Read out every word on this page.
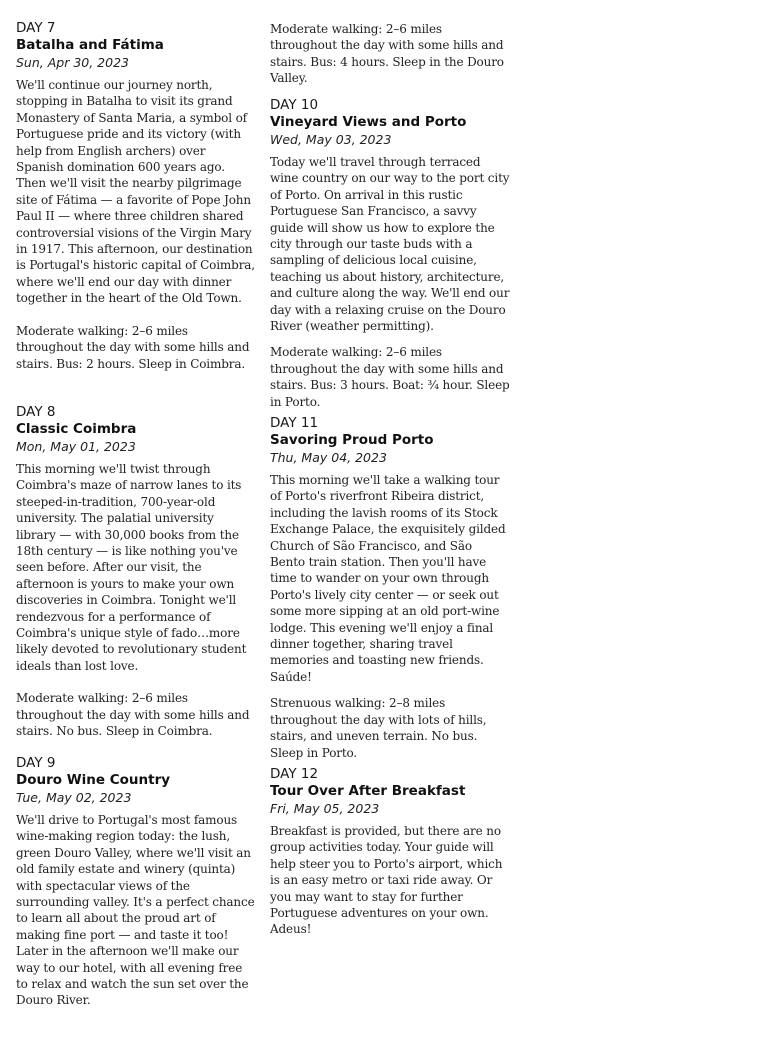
DAY 7
Batalha and Fátima
Sun, Apr 30, 2023
We'll continue our journey north, stopping in Batalha to visit its grand Monastery of Santa Maria, a symbol of Portuguese pride and its victory (with help from English archers) over Spanish domination 600 years ago. Then we'll visit the nearby pilgrimage site of Fátima — a favorite of Pope John Paul II — where three children shared controversial visions of the Virgin Mary in 1917. This afternoon, our destination is Portugal's historic capital of Coimbra, where we'll end our day with dinner together in the heart of the Old Town.
Moderate walking: 2–6 miles throughout the day with some hills and stairs. Bus: 2 hours. Sleep in Coimbra.
DAY 8
Classic Coimbra
Mon, May 01, 2023
This morning we'll twist through Coimbra's maze of narrow lanes to its steeped-in-tradition, 700-year-old university. The palatial university library — with 30,000 books from the 18th century — is like nothing you've seen before. After our visit, the afternoon is yours to make your own discoveries in Coimbra. Tonight we'll rendezvous for a performance of Coimbra's unique style of fado…more likely devoted to revolutionary student ideals than lost love.
Moderate walking: 2–6 miles throughout the day with some hills and stairs. No bus. Sleep in Coimbra.
DAY 9
Douro Wine Country
Tue, May 02, 2023
We'll drive to Portugal's most famous wine-making region today: the lush, green Douro Valley, where we'll visit an old family estate and winery (quinta) with spectacular views of the surrounding valley. It's a perfect chance to learn all about the proud art of making fine port — and taste it too! Later in the afternoon we'll make our way to our hotel, with all evening free to relax and watch the sun set over the Douro River.
Moderate walking: 2–6 miles throughout the day with some hills and stairs. Bus: 4 hours. Sleep in the Douro Valley.
DAY 10
Vineyard Views and Porto
Wed, May 03, 2023
Today we'll travel through terraced wine country on our way to the port city of Porto. On arrival in this rustic Portuguese San Francisco, a savvy guide will show us how to explore the city through our taste buds with a sampling of delicious local cuisine, teaching us about history, architecture, and culture along the way. We'll end our day with a relaxing cruise on the Douro River (weather permitting).
Moderate walking: 2–6 miles throughout the day with some hills and stairs. Bus: 3 hours. Boat: ¾ hour. Sleep in Porto.
DAY 11
Savoring Proud Porto
Thu, May 04, 2023
This morning we'll take a walking tour of Porto's riverfront Ribeira district, including the lavish rooms of its Stock Exchange Palace, the exquisitely gilded Church of São Francisco, and São Bento train station. Then you'll have time to wander on your own through Porto's lively city center — or seek out some more sipping at an old port-wine lodge. This evening we'll enjoy a final dinner together, sharing travel memories and toasting new friends. Saúde!
Strenuous walking: 2–8 miles throughout the day with lots of hills, stairs, and uneven terrain. No bus. Sleep in Porto.
DAY 12
Tour Over After Breakfast
Fri, May 05, 2023
Breakfast is provided, but there are no group activities today. Your guide will help steer you to Porto's airport, which is an easy metro or taxi ride away. Or you may want to stay for further Portuguese adventures on your own. Adeus!
